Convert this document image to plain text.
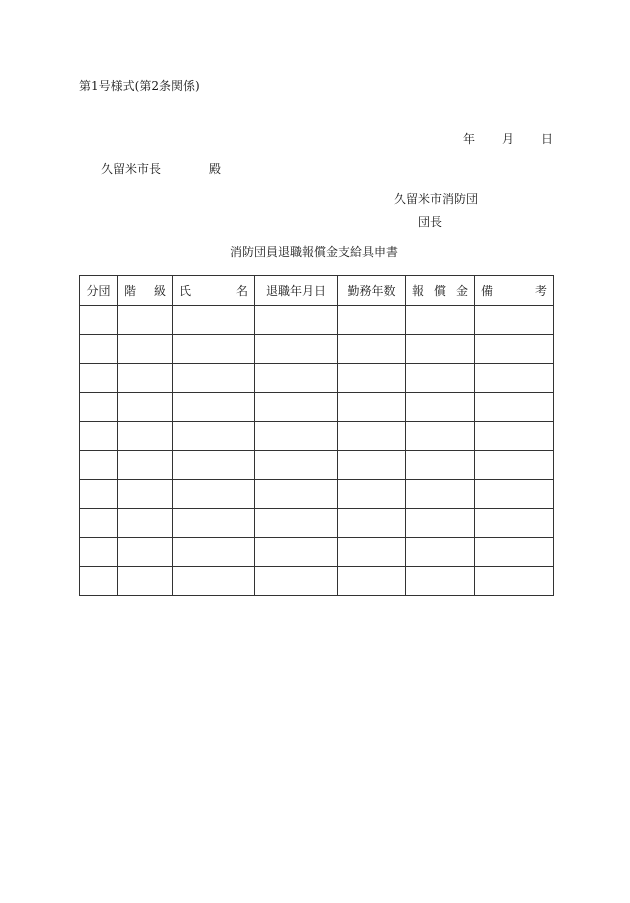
第1号様式(第2条関係)
年 月 日
久留米市長	殿
久留米市消防団
団長
消防団員退職報償金支給具申書
分団	階 級	氏 名	退職年月日	勤務年数	報 償 金	備 考
